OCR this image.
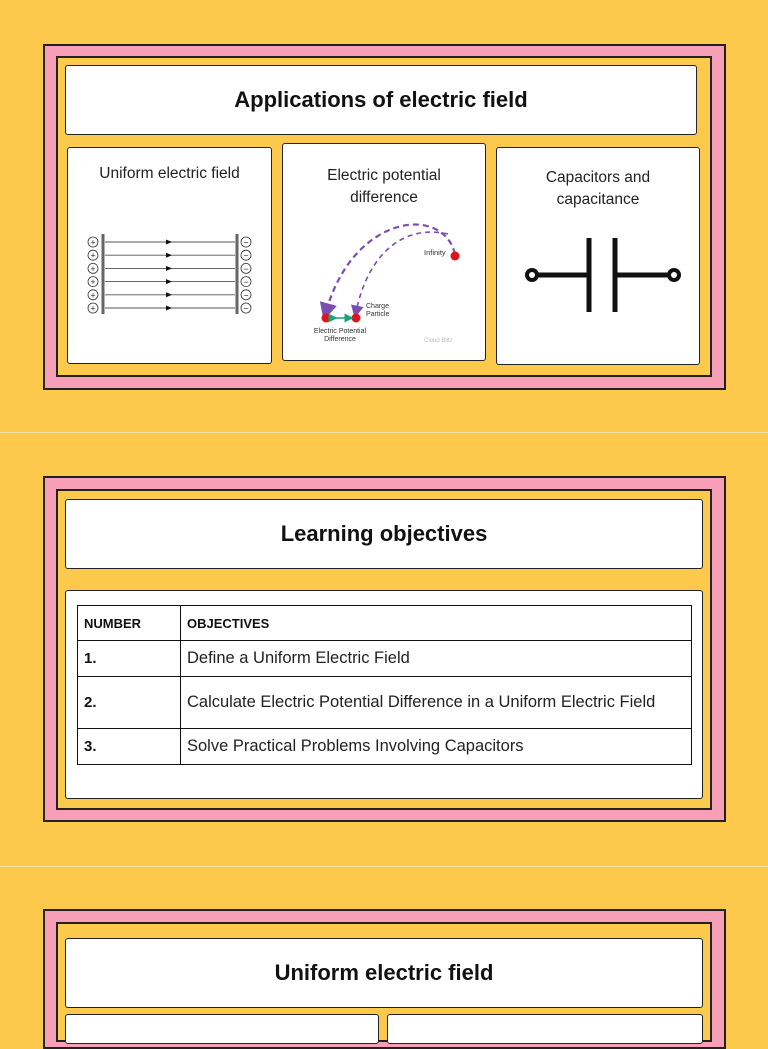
Applications of electric field
Uniform electric field
+	−
+	−
+	−
+	−
+	−
+	−
Electric potential difference
Infinity
Charge Particle
Electric Potential Difference	Cloud Blitz
Capacitors and capacitance
Learning objectives
NUMBER	OBJECTIVES
1.	Define a Uniform Electric Field
2.	Calculate Electric Potential Difference in a Uniform Electric Field
3.	Solve Practical Problems Involving Capacitors
Uniform electric field
